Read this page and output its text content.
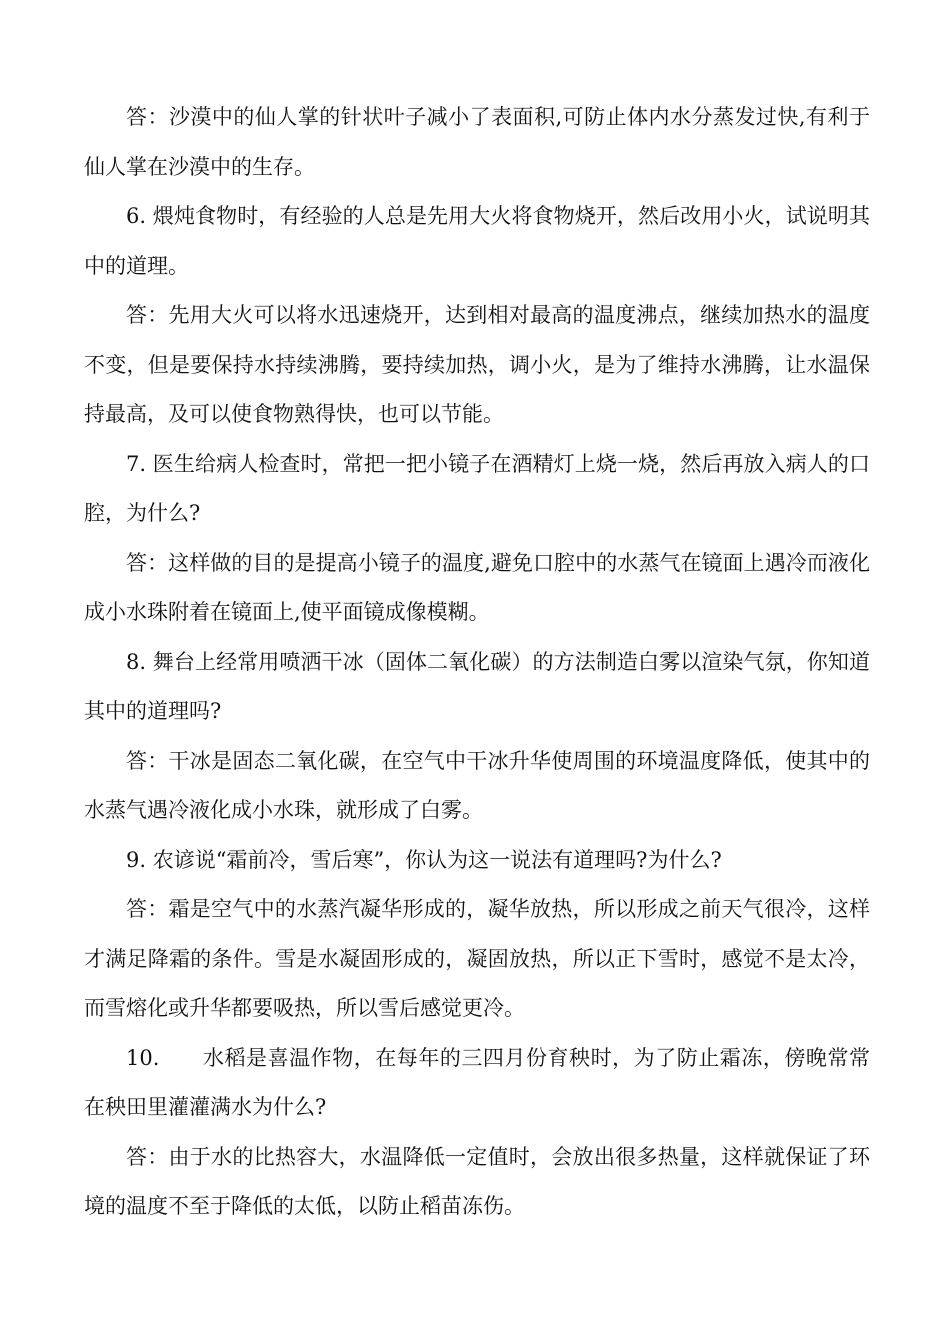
答：沙漠中的仙人掌的针状叶子减小了表面积,可防止体内水分蒸发过快,有利于仙人掌在沙漠中的生存。

6. 煨炖食物时，有经验的人总是先用大火将食物烧开，然后改用小火，试说明其中的道理。

答：先用大火可以将水迅速烧开，达到相对最高的温度沸点，继续加热水的温度不变，但是要保持水持续沸腾，要持续加热，调小火，是为了维持水沸腾，让水温保持最高，及可以使食物熟得快，也可以节能。

7. 医生给病人检查时，常把一把小镜子在酒精灯上烧一烧，然后再放入病人的口腔，为什么?

答：这样做的目的是提高小镜子的温度,避免口腔中的水蒸气在镜面上遇冷而液化成小水珠附着在镜面上,使平面镜成像模糊。

8. 舞台上经常用喷洒干冰（固体二氧化碳）的方法制造白雾以渲染气氛，你知道其中的道理吗?

答：干冰是固态二氧化碳，在空气中干冰升华使周围的环境温度降低，使其中的水蒸气遇冷液化成小水珠，就形成了白雾。

9. 农谚说“霜前冷，雪后寒”，你认为这一说法有道理吗?为什么?

答：霜是空气中的水蒸汽凝华形成的，凝华放热，所以形成之前天气很冷，这样才满足降霜的条件。雪是水凝固形成的，凝固放热，所以正下雪时，感觉不是太冷，而雪熔化或升华都要吸热，所以雪后感觉更冷。

10.　　水稻是喜温作物，在每年的三四月份育秧时，为了防止霜冻，傍晚常常在秧田里灌灌满水为什么?

答：由于水的比热容大，水温降低一定值时，会放出很多热量，这样就保证了环境的温度不至于降低的太低，以防止稻苗冻伤。
